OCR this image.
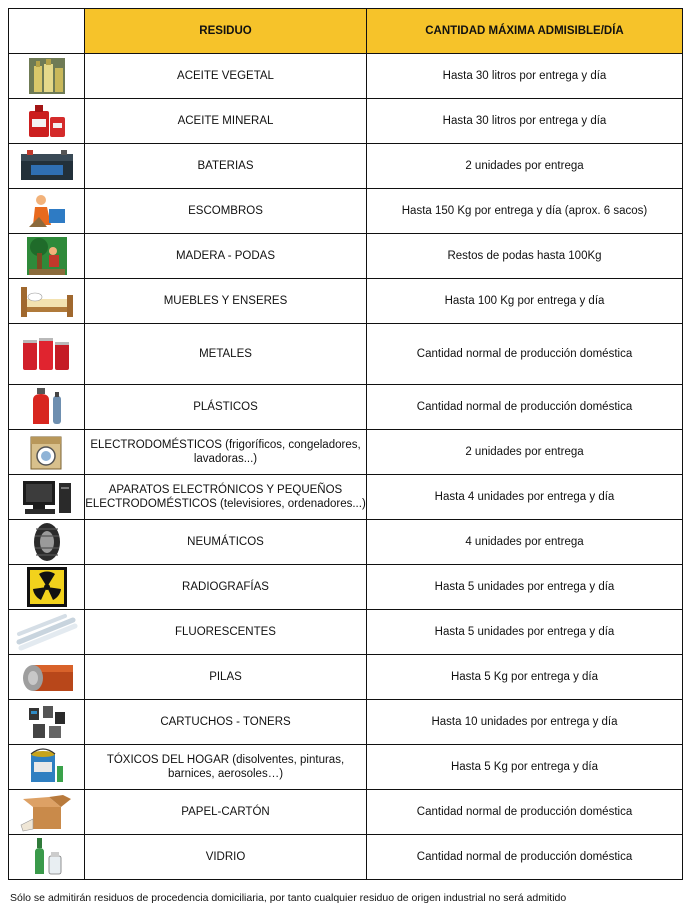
	RESIDUO	CANTIDAD MÁXIMA ADMISIBLE/DÍA

	ACEITE VEGETAL	Hasta 30 litros por entrega y día

	ACEITE MINERAL	Hasta 30 litros por entrega y día

	BATERIAS	2 unidades por entrega

	ESCOMBROS	Hasta 150 Kg por entrega y día (aprox. 6 sacos)

	MADERA - PODAS	Restos de podas hasta 100Kg

	MUEBLES Y ENSERES	Hasta 100 Kg por entrega y día

	METALES	Cantidad normal de producción doméstica

	PLÁSTICOS	Cantidad normal de producción doméstica

	ELECTRODOMÉSTICOS (frigoríficos, congeladores, lavadoras...)	2 unidades por entrega

	APARATOS ELECTRÓNICOS Y PEQUEÑOS ELECTRODOMÉSTICOS (televisiores, ordenadores...)	Hasta 4 unidades por entrega y día

	NEUMÁTICOS	4 unidades por entrega

	RADIOGRAFÍAS	Hasta 5 unidades por entrega y día

	FLUORESCENTES	Hasta 5 unidades por entrega y día

	PILAS	Hasta 5 Kg por entrega y día

	CARTUCHOS - TONERS	Hasta 10 unidades por entrega y día

	TÓXICOS DEL HOGAR (disolventes, pinturas, barnices, aerosoles…)	Hasta 5 Kg por entrega y día

	PAPEL-CARTÓN	Cantidad normal de producción doméstica

	VIDRIO	Cantidad normal de producción doméstica
Sólo se admitirán residuos de procedencia domiciliaria, por tanto cualquier residuo de origen industrial no será admitido
